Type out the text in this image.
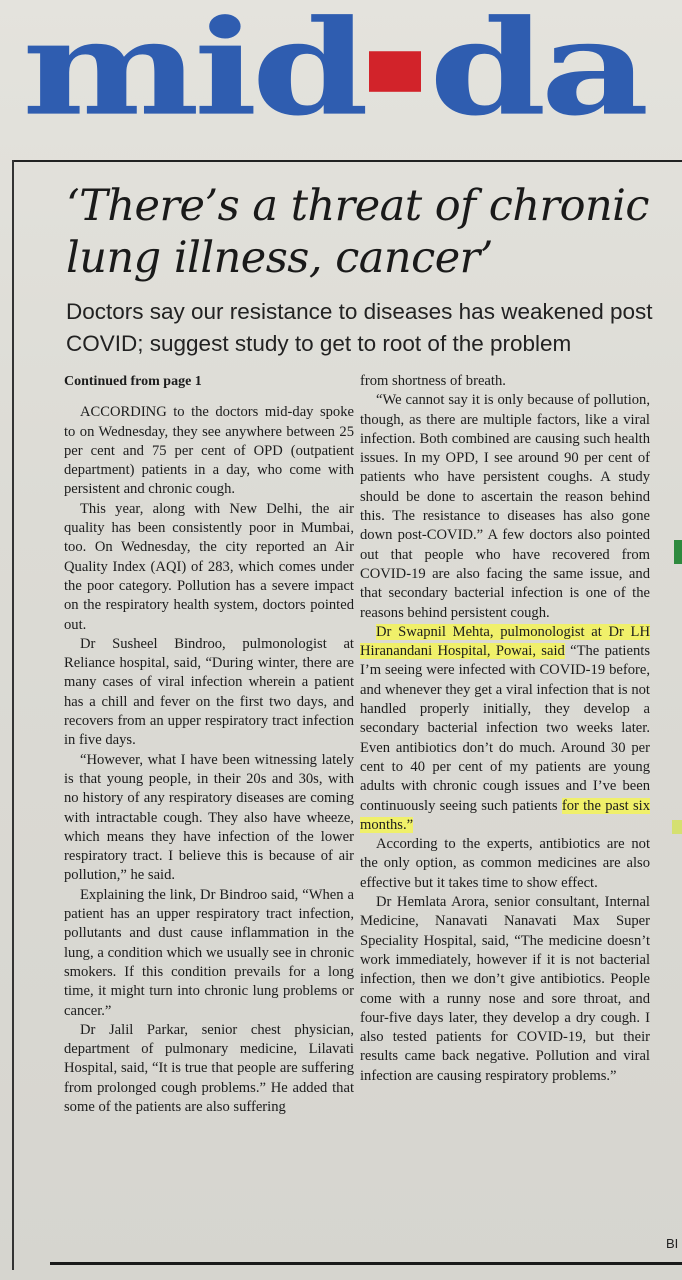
mid da
‘There’s a threat of chronic lung illness, cancer’
Doctors say our resistance to diseases has weakened post COVID; suggest study to get to root of the problem

Continued from page 1

ACCORDING to the doctors mid-day spoke to on Wednesday, they see anywhere between 25 per cent and 75 per cent of OPD (outpatient department) patients in a day, who come with persistent and chronic cough.

This year, along with New Delhi, the air quality has been consistently poor in Mumbai, too. On Wednesday, the city reported an Air Quality Index (AQI) of 283, which comes under the poor category. Pollution has a severe impact on the respiratory health system, doctors pointed out.

Dr Susheel Bindroo, pulmonologist at Reliance hospital, said, “During winter, there are many cases of viral infection wherein a patient has a chill and fever on the first two days, and recovers from an upper respiratory tract infection in five days.

“However, what I have been witnessing lately is that young people, in their 20s and 30s, with no history of any respiratory diseases are coming with intractable cough. They also have wheeze, which means they have infection of the lower respiratory tract. I believe this is because of air pollution,” he said.

Explaining the link, Dr Bindroo said, “When a patient has an upper respiratory tract infection, pollutants and dust cause inflammation in the lung, a condition which we usually see in chronic smokers. If this condition prevails for a long time, it might turn into chronic lung problems or cancer.”

Dr Jalil Parkar, senior chest physician, department of pulmonary medicine, Lilavati Hospital, said, “It is true that people are suffering from prolonged cough problems.” He added that some of the patients are also suffering

from shortness of breath.

“We cannot say it is only because of pollution, though, as there are multiple factors, like a viral infection. Both combined are causing such health issues. In my OPD, I see around 90 per cent of patients who have persistent coughs. A study should be done to ascertain the reason behind this. The resistance to diseases has also gone down post-COVID.” A few doctors also pointed out that people who have recovered from COVID-19 are also facing the same issue, and that secondary bacterial infection is one of the reasons behind persistent cough.

Dr Swapnil Mehta, pulmonologist at Dr LH Hiranandani Hospital, Powai, said “The patients I’m seeing were infected with COVID-19 before, and whenever they get a viral infection that is not handled properly initially, they develop a secondary bacterial infection two weeks later. Even antibiotics don’t do much. Around 30 per cent to 40 per cent of my patients are young adults with chronic cough issues and I’ve been continuously seeing such patients for the past six months.”

According to the experts, antibiotics are not the only option, as common medicines are also effective but it takes time to show effect.

Dr Hemlata Arora, senior consultant, Internal Medicine, Nanavati Nanavati Max Super Speciality Hospital, said, “The medicine doesn’t work immediately, however if it is not bacterial infection, then we don’t give antibiotics. People come with a runny nose and sore throat, and four-five days later, they develop a dry cough. I also tested patients for COVID-19, but their results came back negative. Pollution and viral infection are causing respiratory problems.”

BI
